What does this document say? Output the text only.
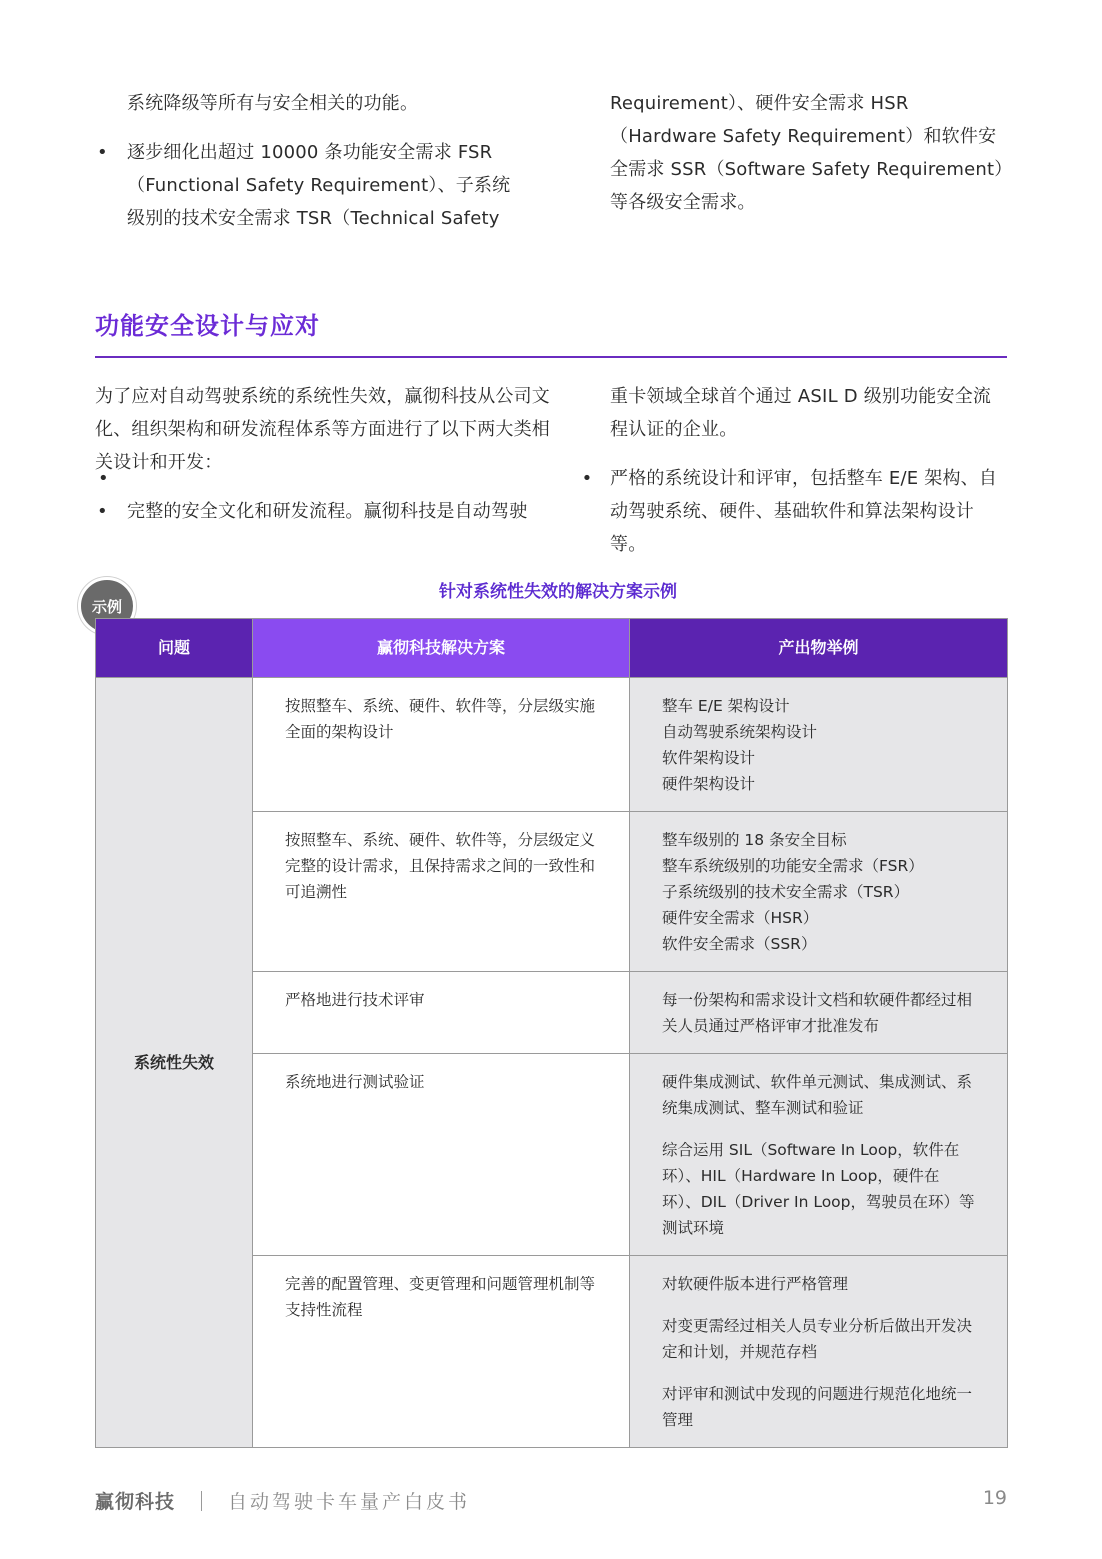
系统降级等所有与安全相关的功能。

• 逐步细化出超过 10000 条功能安全需求 FSR（Functional Safety Requirement）、子系统级别的技术安全需求 TSR（Technical Safety

Requirement）、硬件安全需求 HSR（Hardware Safety Requirement）和软件安全需求 SSR（Software Safety Requirement）等各级安全需求。

功能安全设计与应对

为了应对自动驾驶系统的系统性失效，赢彻科技从公司文化、组织架构和研发流程体系等方面进行了以下两大类相关设计和开发：

• 完整的安全文化和研发流程。赢彻科技是自动驾驶

重卡领域全球首个通过 ASIL D 级别功能安全流程认证的企业。

•	严格的系统设计和评审，包括整车 E/E 架构、自动驾驶系统、硬件、基础软件和算法架构设计等。

•
针对系统性失效的解决方案示例
示例
问题	赢彻科技解决方案	产出物举例
系统性失效	按照整车、系统、硬件、软件等，分层级实施全面的架构设计	整车 E/E 架构设计
自动驾驶系统架构设计
软件架构设计
硬件架构设计

	按照整车、系统、硬件、软件等，分层级定义完整的设计需求，且保持需求之间的一致性和可追溯性	整车级别的 18 条安全目标
整车系统级别的功能安全需求（FSR）
子系统级别的技术安全需求（TSR）
硬件安全需求（HSR）
软件安全需求（SSR）

	严格地进行技术评审	每一份架构和需求设计文档和软硬件都经过相关人员通过严格评审才批准发布

	系统地进行测试验证	硬件集成测试、软件单元测试、集成测试、系统集成测试、整车测试和验证
综合运用 SIL（Software In Loop，软件在环）、HIL（Hardware In Loop，硬件在环）、DIL（Driver In Loop，驾驶员在环）等测试环境

	完善的配置管理、变更管理和问题管理机制等支持性流程	对软硬件版本进行严格管理
对变更需经过相关人员专业分析后做出开发决定和计划，并规范存档
对评审和测试中发现的问题进行规范化地统一管理
赢彻科技	自动驾驶卡车量产白皮书	19
